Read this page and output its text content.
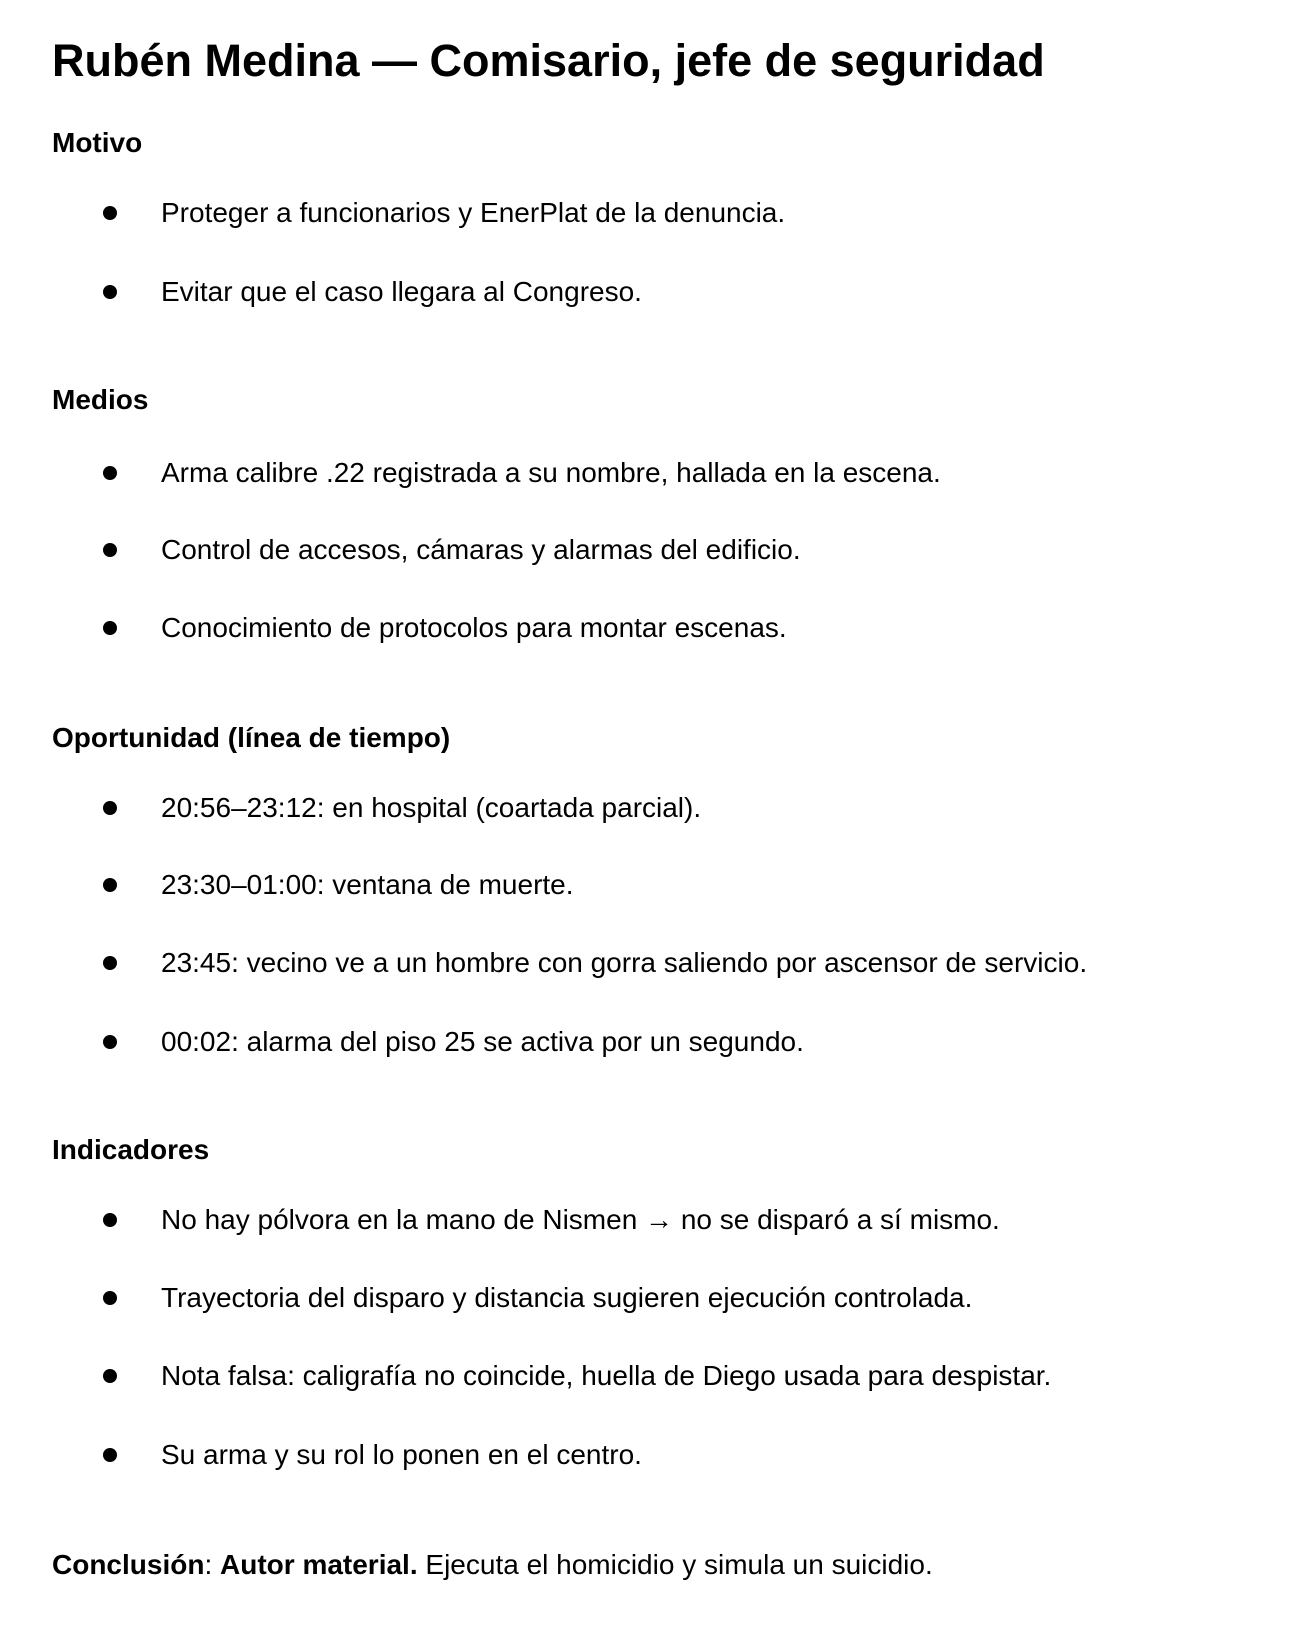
Rubén Medina — Comisario, jefe de seguridad
Motivo
Proteger a funcionarios y EnerPlat de la denuncia.
Evitar que el caso llegara al Congreso.
Medios
Arma calibre .22 registrada a su nombre, hallada en la escena.
Control de accesos, cámaras y alarmas del edificio.
Conocimiento de protocolos para montar escenas.
Oportunidad (línea de tiempo)
20:56–23:12: en hospital (coartada parcial).
23:30–01:00: ventana de muerte.
23:45: vecino ve a un hombre con gorra saliendo por ascensor de servicio.
00:02: alarma del piso 25 se activa por un segundo.
Indicadores
No hay pólvora en la mano de Nismen → no se disparó a sí mismo.
Trayectoria del disparo y distancia sugieren ejecución controlada.
Nota falsa: caligrafía no coincide, huella de Diego usada para despistar.
Su arma y su rol lo ponen en el centro.
Conclusión: Autor material. Ejecuta el homicidio y simula un suicidio.
